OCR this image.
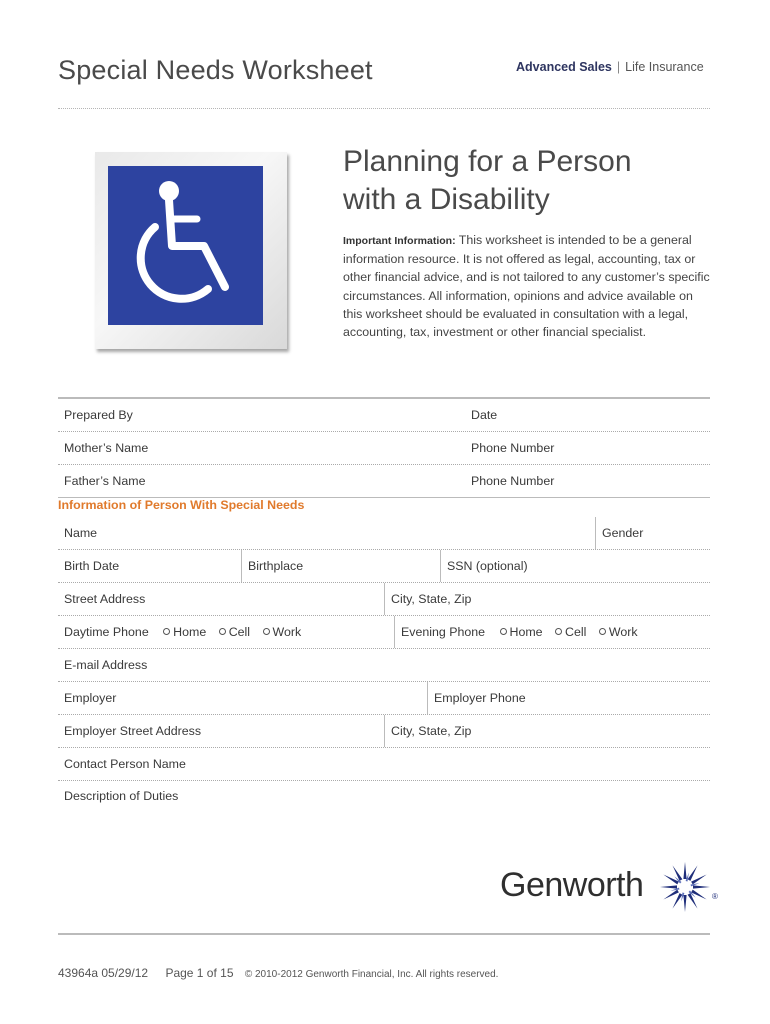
Special Needs Worksheet	Advanced Sales | Life Insurance
Planning for a Person
with a Disability
Important Information: This worksheet is intended to be a general information resource. It is not offered as legal, accounting, tax or other financial advice, and is not tailored to any customer’s specific circumstances. All information, opinions and advice available on this worksheet should be evaluated in consultation with a legal, accounting, tax, investment or other financial specialist.
Prepared By	Date
Mother’s Name	Phone Number
Father’s Name	Phone Number
Information of Person With Special Needs
Name	Gender
Birth Date	Birthplace	SSN (optional)
Street Address	City, State, Zip
Daytime Phone Home Cell Work	Evening Phone Home Cell Work
E-mail Address
Employer	Employer Phone
Employer Street Address	City, State, Zip
Contact Person Name
Description of Duties
Genworth	®
43964a 05/29/12 Page 1 of 15 © 2010-2012 Genworth Financial, Inc. All rights reserved.
